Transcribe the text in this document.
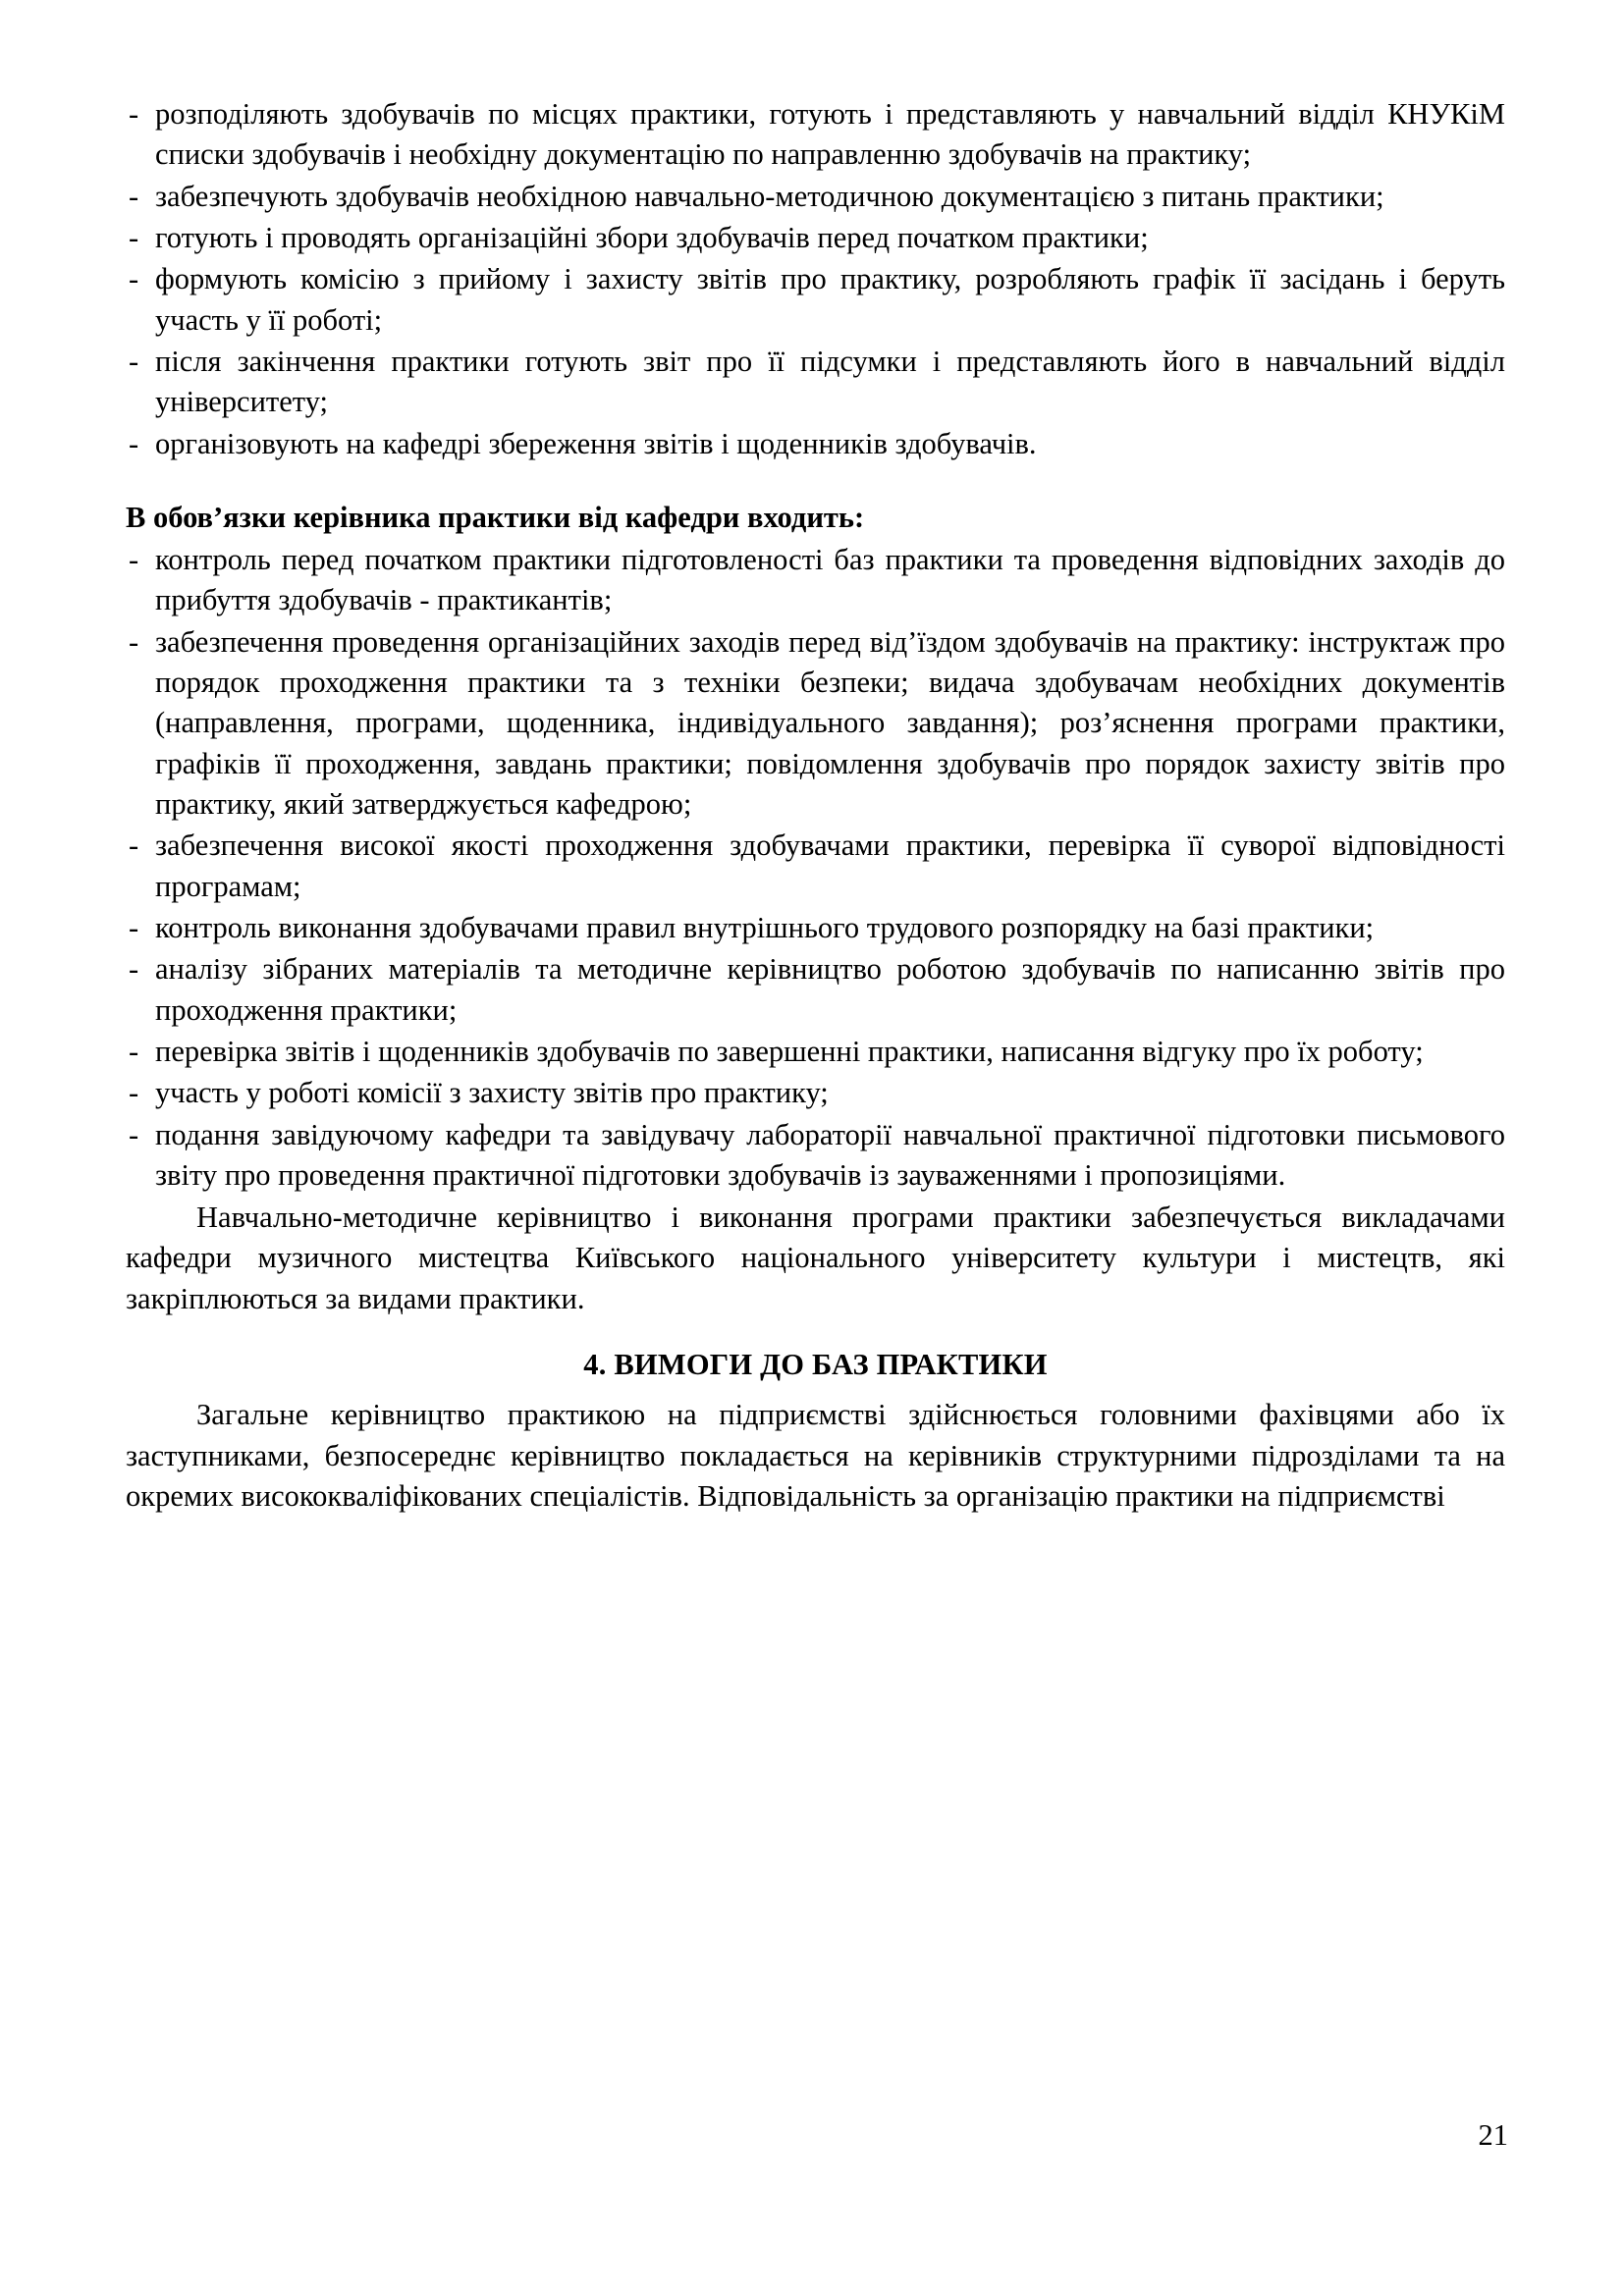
- розподіляють здобувачів по місцях практики, готують і представляють у навчальний відділ КНУКіМ списки здобувачів і необхідну документацію по направленню здобувачів на практику;
- забезпечують здобувачів необхідною навчально-методичною документацією з питань практики;
- готують і проводять організаційні збори здобувачів перед початком практики;
- формують комісію з прийому і захисту звітів про практику, розробляють графік її засідань і беруть участь у її роботі;
- після закінчення практики готують звіт про її підсумки і представляють його в навчальний відділ університету;
- організовують на кафедрі збереження звітів і щоденників здобувачів.
В обов’язки керівника практики від кафедри входить:
- контроль перед початком практики підготовленості баз практики та проведення відповідних заходів до прибуття здобувачів - практикантів;
- забезпечення проведення організаційних заходів перед від’їздом здобувачів на практику: інструктаж про порядок проходження практики та з техніки безпеки; видача здобувачам необхідних документів (направлення, програми, щоденника, індивідуального завдання); роз’яснення програми практики, графіків її проходження, завдань практики; повідомлення здобувачів про порядок захисту звітів про практику, який затверджується кафедрою;
- забезпечення високої якості проходження здобувачами практики, перевірка її суворої відповідності програмам;
- контроль виконання здобувачами правил внутрішнього трудового розпорядку на базі практики;
- аналізу зібраних матеріалів та методичне керівництво роботою здобувачів по написанню звітів про проходження практики;
- перевірка звітів і щоденників здобувачів по завершенні практики, написання відгуку про їх роботу;
- участь у роботі комісії з захисту звітів про практику;
- подання завідуючому кафедри та завідувачу лабораторії навчальної практичної підготовки письмового звіту про проведення практичної підготовки здобувачів із зауваженнями і пропозиціями.

Навчально-методичне керівництво і виконання програми практики забезпечується викладачами кафедри музичного мистецтва Київського національного університету культури і мистецтв, які закріплюються за видами практики.

4. ВИМОГИ ДО БАЗ ПРАКТИКИ

Загальне керівництво практикою на підприємстві здійснюється головними фахівцями або їх заступниками, безпосереднє керівництво покладається на керівників структурними підрозділами та на окремих висококваліфікованих спеціалістів. Відповідальність за організацію практики на підприємстві

21
